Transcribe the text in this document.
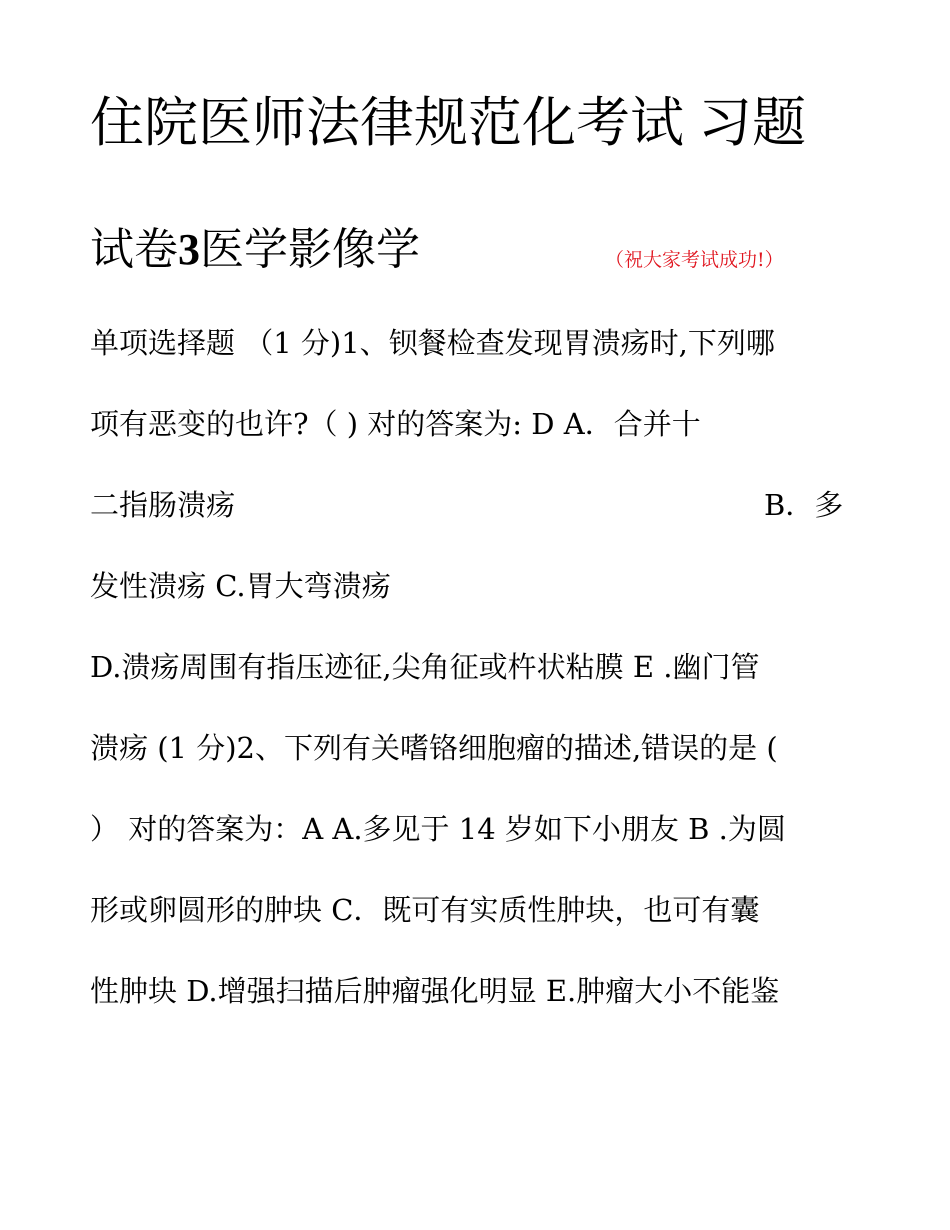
住院医师法律规范化考试 习题
试卷3医学影像学	（祝大家考试成功!）
单项选择题 （1 分)1、钡餐检查发现胃溃疡时,下列哪
项有恶变的也许?（ ) 对的答案为: D A．合并十
二指肠溃疡	B．多
发性溃疡 C.胃大弯溃疡
D.溃疡周围有指压迹征,尖角征或杵状粘膜 E .幽门管
溃疡 (1 分)2、下列有关嗜铬细胞瘤的描述,错误的是 (
） 对的答案为：A A.多见于 14 岁如下小朋友 B .为圆
形或卵圆形的肿块 C．既可有实质性肿块，也可有囊
性肿块 D.增强扫描后肿瘤强化明显 E.肿瘤大小不能鉴
